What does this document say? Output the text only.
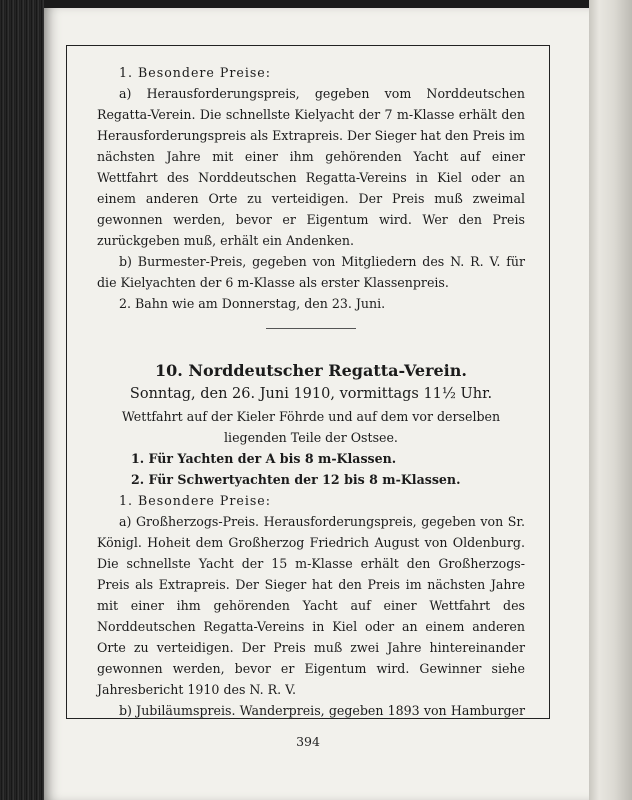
1. Besondere Preise:

a) Herausforderungspreis, gegeben vom Norddeutschen Regatta-Verein. Die schnellste Kielyacht der 7 m-Klasse erhält den Herausforderungspreis als Extrapreis. Der Sieger hat den Preis im nächsten Jahre mit einer ihm gehörenden Yacht auf einer Wettfahrt des Norddeutschen Regatta-Vereins in Kiel oder an einem anderen Orte zu verteidigen. Der Preis muß zweimal gewonnen werden, bevor er Eigentum wird. Wer den Preis zurückgeben muß, erhält ein Andenken.

b) Burmester-Preis, gegeben von Mitgliedern des N. R. V. für die Kielyachten der 6 m-Klasse als erster Klassenpreis.

2. Bahn wie am Donnerstag, den 23. Juni.

10. Norddeutscher Regatta-Verein.

Sonntag, den 26. Juni 1910, vormittags 11½ Uhr.

Wettfahrt auf der Kieler Föhrde und auf dem vor derselben liegenden Teile der Ostsee.

1. Für Yachten der A bis 8 m-Klassen.

2. Für Schwertyachten der 12 bis 8 m-Klassen.

1. Besondere Preise:

a) Großherzogs-Preis. Herausforderungspreis, gegeben von Sr. Königl. Hoheit dem Großherzog Friedrich August von Oldenburg. Die schnellste Yacht der 15 m-Klasse erhält den Großherzogs-Preis als Extrapreis. Der Sieger hat den Preis im nächsten Jahre mit einer ihm gehörenden Yacht auf einer Wettfahrt des Norddeutschen Regatta-Vereins in Kiel oder an einem anderen Orte zu verteidigen. Der Preis muß zwei Jahre hintereinander gewonnen werden, bevor er Eigentum wird. Gewinner siehe Jahresbericht 1910 des N. R. V.

b) Jubiläumspreis. Wanderpreis, gegeben 1893 von Hamburger

394
